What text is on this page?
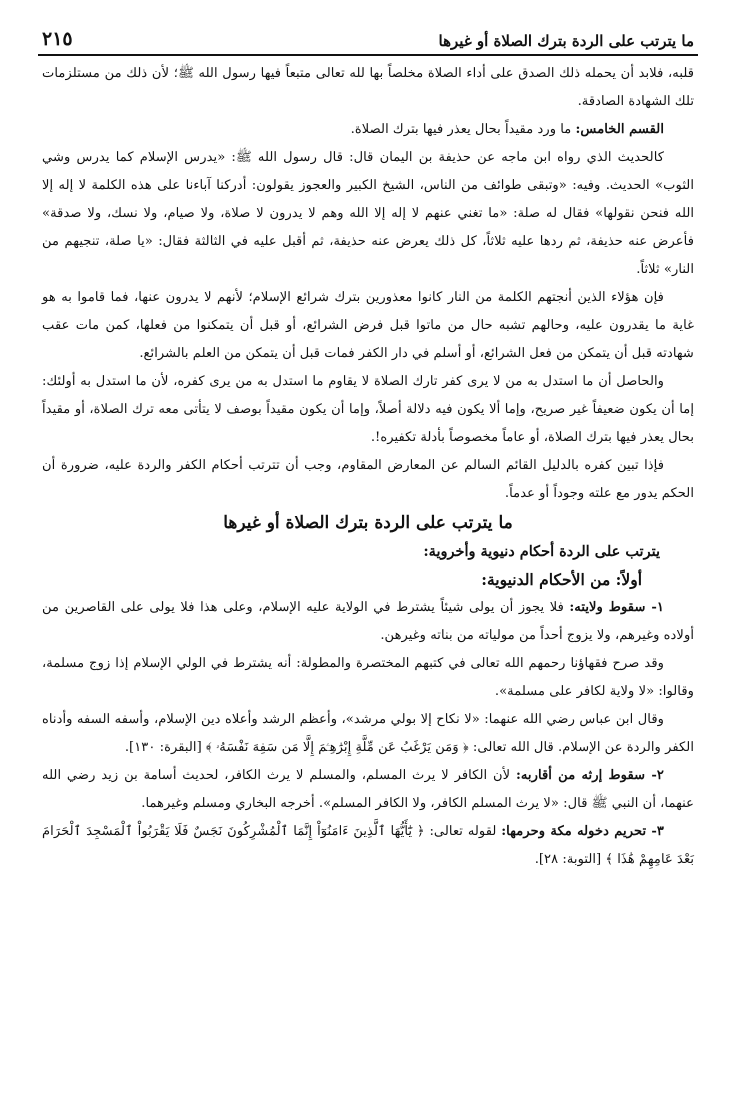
ما يترتب على الردة بترك الصلاة أو غيرها
٢١٥

قلبه، فلابد أن يحمله ذلك الصدق على أداء الصلاة مخلصاً بها لله تعالى متبعاً فيها رسول الله ﷺ؛ لأن ذلك من مستلزمات تلك الشهادة الصادقة.

القسم الخامس: ما ورد مقيداً بحال يعذر فيها بترك الصلاة.

كالحديث الذي رواه ابن ماجه عن حذيفة بن اليمان قال: قال رسول الله ﷺ: «يدرس الإسلام كما يدرس وشي الثوب» الحديث. وفيه: «وتبقى طوائف من الناس، الشيخ الكبير والعجوز يقولون: أدركنا آباءنا على هذه الكلمة لا إله إلا الله فنحن نقولها» فقال له صلة: «ما تغني عنهم لا إله إلا الله وهم لا يدرون لا صلاة، ولا صيام، ولا نسك، ولا صدقة» فأعرض عنه حذيفة، ثم ردها عليه ثلاثاً، كل ذلك يعرض عنه حذيفة، ثم أقبل عليه في الثالثة فقال: «يا صلة، تنجيهم من النار» ثلاثاً.

فإن هؤلاء الذين أنجتهم الكلمة من النار كانوا معذورين بترك شرائع الإسلام؛ لأنهم لا يدرون عنها، فما قاموا به هو غاية ما يقدرون عليه، وحالهم تشبه حال من ماتوا قبل فرض الشرائع، أو قبل أن يتمكنوا من فعلها، كمن مات عقب شهادته قبل أن يتمكن من فعل الشرائع، أو أسلم في دار الكفر فمات قبل أن يتمكن من العلم بالشرائع.

والحاصل أن ما استدل به من لا يرى كفر تارك الصلاة لا يقاوم ما استدل به من يرى كفره، لأن ما استدل به أولئك: إما أن يكون ضعيفاً غير صريح، وإما ألا يكون فيه دلالة أصلاً، وإما أن يكون مقيداً بوصف لا يتأتى معه ترك الصلاة، أو مقيداً بحال يعذر فيها بترك الصلاة، أو عاماً مخصوصاً بأدلة تكفيره!.

فإذا تبين كفره بالدليل القائم السالم عن المعارض المقاوم، وجب أن تترتب أحكام الكفر والردة عليه، ضرورة أن الحكم يدور مع علته وجوداً أو عدماً.

ما يترتب على الردة بترك الصلاة أو غيرها

يترتب على الردة أحكام دنيوية وأخروية:

أولاً: من الأحكام الدنيوية:

١- سقوط ولايته: فلا يجوز أن يولى شيئاً يشترط في الولاية عليه الإسلام، وعلى هذا فلا يولى على القاصرين من أولاده وغيرهم، ولا يزوج أحداً من مولياته من بناته وغيرهن.

وقد صرح فقهاؤنا رحمهم الله تعالى في كتبهم المختصرة والمطولة: أنه يشترط في الولي الإسلام إذا زوج مسلمة، وقالوا: «لا ولاية لكافر على مسلمة».

وقال ابن عباس رضي الله عنهما: «لا نكاح إلا بولي مرشد»، وأعظم الرشد وأعلاه دين الإسلام، وأسفه السفه وأدناه الكفر والردة عن الإسلام. قال الله تعالى: ﴿ وَمَن يَرْغَبُ عَن مِّلَّةِ إِبْرَٰهِـۧمَ إِلَّا مَن سَفِهَ نَفْسَهُۥ ﴾ [البقرة: ١٣٠].

٢- سقوط إرثه من أقاربه: لأن الكافر لا يرث المسلم، والمسلم لا يرث الكافر، لحديث أسامة بن زيد رضي الله عنهما، أن النبي ﷺ قال: «لا يرث المسلم الكافر، ولا الكافر المسلم». أخرجه البخاري ومسلم وغيرهما.

٣- تحريم دخوله مكة وحرمها: لقوله تعالى: ﴿ يَٰٓأَيُّهَا ٱلَّذِينَ ءَامَنُوٓاْ إِنَّمَا ٱلْمُشْرِكُونَ نَجَسٌ فَلَا يَقْرَبُواْ ٱلْمَسْجِدَ ٱلْحَرَامَ بَعْدَ عَامِهِمْ هَٰذَا ﴾ [التوبة: ٢٨].
